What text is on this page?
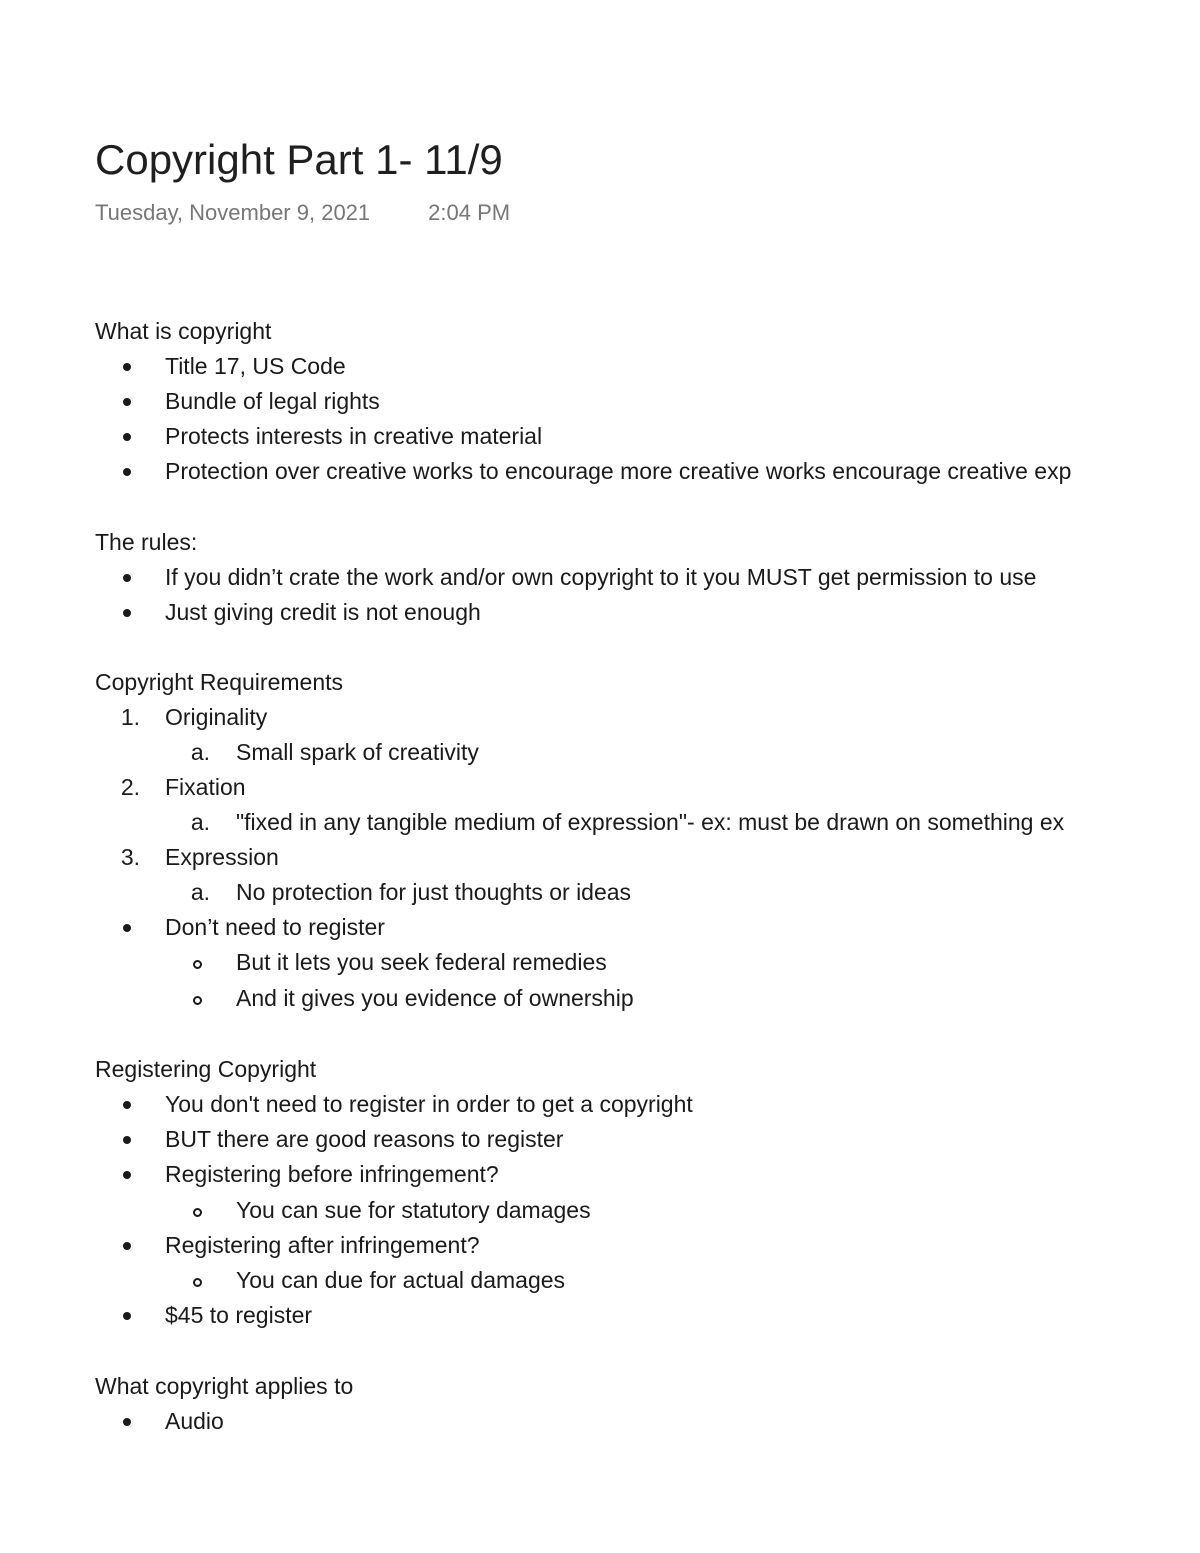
Copyright Part 1- 11/9
Tuesday, November 9, 2021	2:04 PM
What is copyright
Title 17, US Code
Bundle of legal rights
Protects interests in creative material
Protection over creative works to encourage more creative works encourage creative exp
The rules:
If you didn’t crate the work and/or own copyright to it you MUST get permission to use
Just giving credit is not enough
Copyright Requirements
1. Originality
a. Small spark of creativity
2. Fixation
a. "fixed in any tangible medium of expression"- ex: must be drawn on something ex
3. Expression
a. No protection for just thoughts or ideas
Don’t need to register
But it lets you seek federal remedies
And it gives you evidence of ownership
Registering Copyright
You don't need to register in order to get a copyright
BUT there are good reasons to register
Registering before infringement?
You can sue for statutory damages
Registering after infringement?
You can due for actual damages
$45 to register
What copyright applies to
Audio
